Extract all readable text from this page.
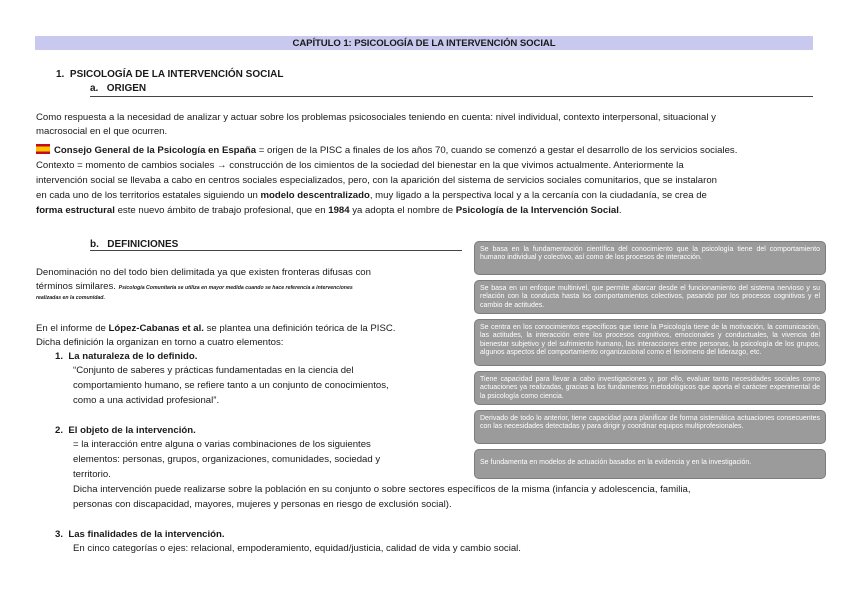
CAPÍTULO 1: PSICOLOGÍA DE LA INTERVENCIÓN SOCIAL
1. PSICOLOGÍA DE LA INTERVENCIÓN SOCIAL
a. ORIGEN
Como respuesta a la necesidad de analizar y actuar sobre los problemas psicosociales teniendo en cuenta: nivel individual, contexto interpersonal, situacional y
macrosocial en el que ocurren.
Consejo General de la Psicología en España = origen de la PISC a finales de los años 70, cuando se comenzó a gestar el desarrollo de los servicios sociales.
Contexto = momento de cambios sociales → construcción de los cimientos de la sociedad del bienestar en la que vivimos actualmente. Anteriormente la
intervención social se llevaba a cabo en centros sociales especializados, pero, con la aparición del sistema de servicios sociales comunitarios, que se instalaron
en cada uno de los territorios estatales siguiendo un modelo descentralizado, muy ligado a la perspectiva local y a la cercanía con la ciudadanía, se crea de
forma estructural este nuevo ámbito de trabajo profesional, que en 1984 ya adopta el nombre de Psicología de la Intervención Social.
b. DEFINICIONES
Denominación no del todo bien delimitada ya que existen fronteras difusas con
términos similares. Psicología Comunitaria se utiliza en mayor medida cuando se hace referencia a intervenciones
realizadas en la comunidad.
En el informe de López-Cabanas et al. se plantea una definición teórica de la PISC.
Dicha definición la organizan en torno a cuatro elementos:
1. La naturaleza de lo definido.
“Conjunto de saberes y prácticas fundamentadas en la ciencia del
comportamiento humano, se refiere tanto a un conjunto de conocimientos,
como a una actividad profesional”.
2. El objeto de la intervención.
= la interacción entre alguna o varias combinaciones de los siguientes
elementos: personas, grupos, organizaciones, comunidades, sociedad y
territorio.
Dicha intervención puede realizarse sobre la población en su conjunto o sobre sectores específicos de la misma (infancia y adolescencia, familia,
personas con discapacidad, mayores, mujeres y personas en riesgo de exclusión social).
3. Las finalidades de la intervención.
En cinco categorías o ejes: relacional, empoderamiento, equidad/justicia, calidad de vida y cambio social.
Se basa en la fundamentación científica del conocimiento que la psicología tiene del comportamiento humano individual y colectivo, así como de los procesos de interacción.
Se basa en un enfoque multinivel, que permite abarcar desde el funcionamiento del sistema nervioso y su relación con la conducta hasta los comportamientos colectivos, pasando por los procesos cognitivos y el cambio de actitudes.
Se centra en los conocimientos específicos que tiene la Psicología tiene de la motivación, la comunicación, las actitudes, la interacción entre los procesos cognitivos, emocionales y conductuales, la vivencia del bienestar subjetivo y del sufrimiento humano, las interacciones entre personas, la psicología de los grupos, algunos aspectos del comportamiento organizacional como el fenómeno del liderazgo, etc.
Tiene capacidad para llevar a cabo investigaciones y, por ello, evaluar tanto necesidades sociales como actuaciones ya realizadas, gracias a los fundamentos metodológicos que aporta el carácter experimental de la psicología como ciencia.
Derivado de todo lo anterior, tiene capacidad para planificar de forma sistemática actuaciones consecuentes con las necesidades detectadas y para dirigir y coordinar equipos multiprofesionales.
Se fundamenta en modelos de actuación basados en la evidencia y en la investigación.
